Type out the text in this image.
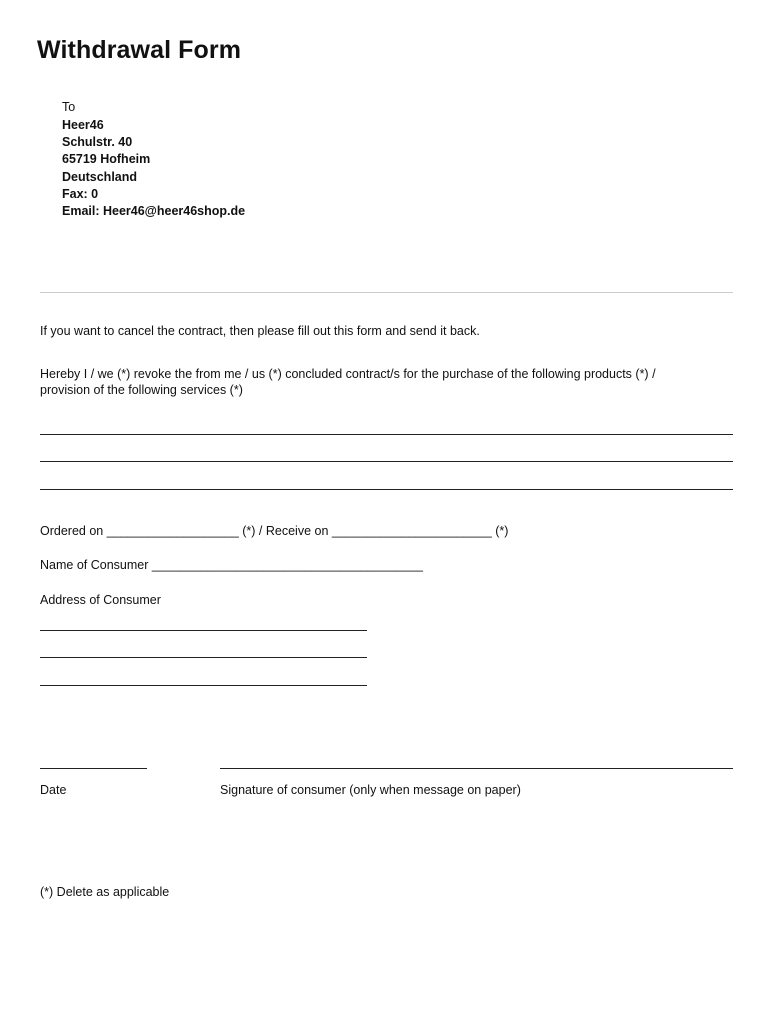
Withdrawal Form
To
Heer46
Schulstr. 40
65719 Hofheim
Deutschland
Fax: 0
Email: Heer46@heer46shop.de
If you want to cancel the contract, then please fill out this form and send it back.
Hereby I / we (*) revoke the from me / us (*) concluded contract/s for the purchase of the following products (*) /
provision of the following services (*)
Ordered on ___________________ (*) / Receive on _______________________ (*)
Name of Consumer _______________________________________
Address of Consumer
Date	Signature of consumer (only when message on paper)
(*) Delete as applicable
